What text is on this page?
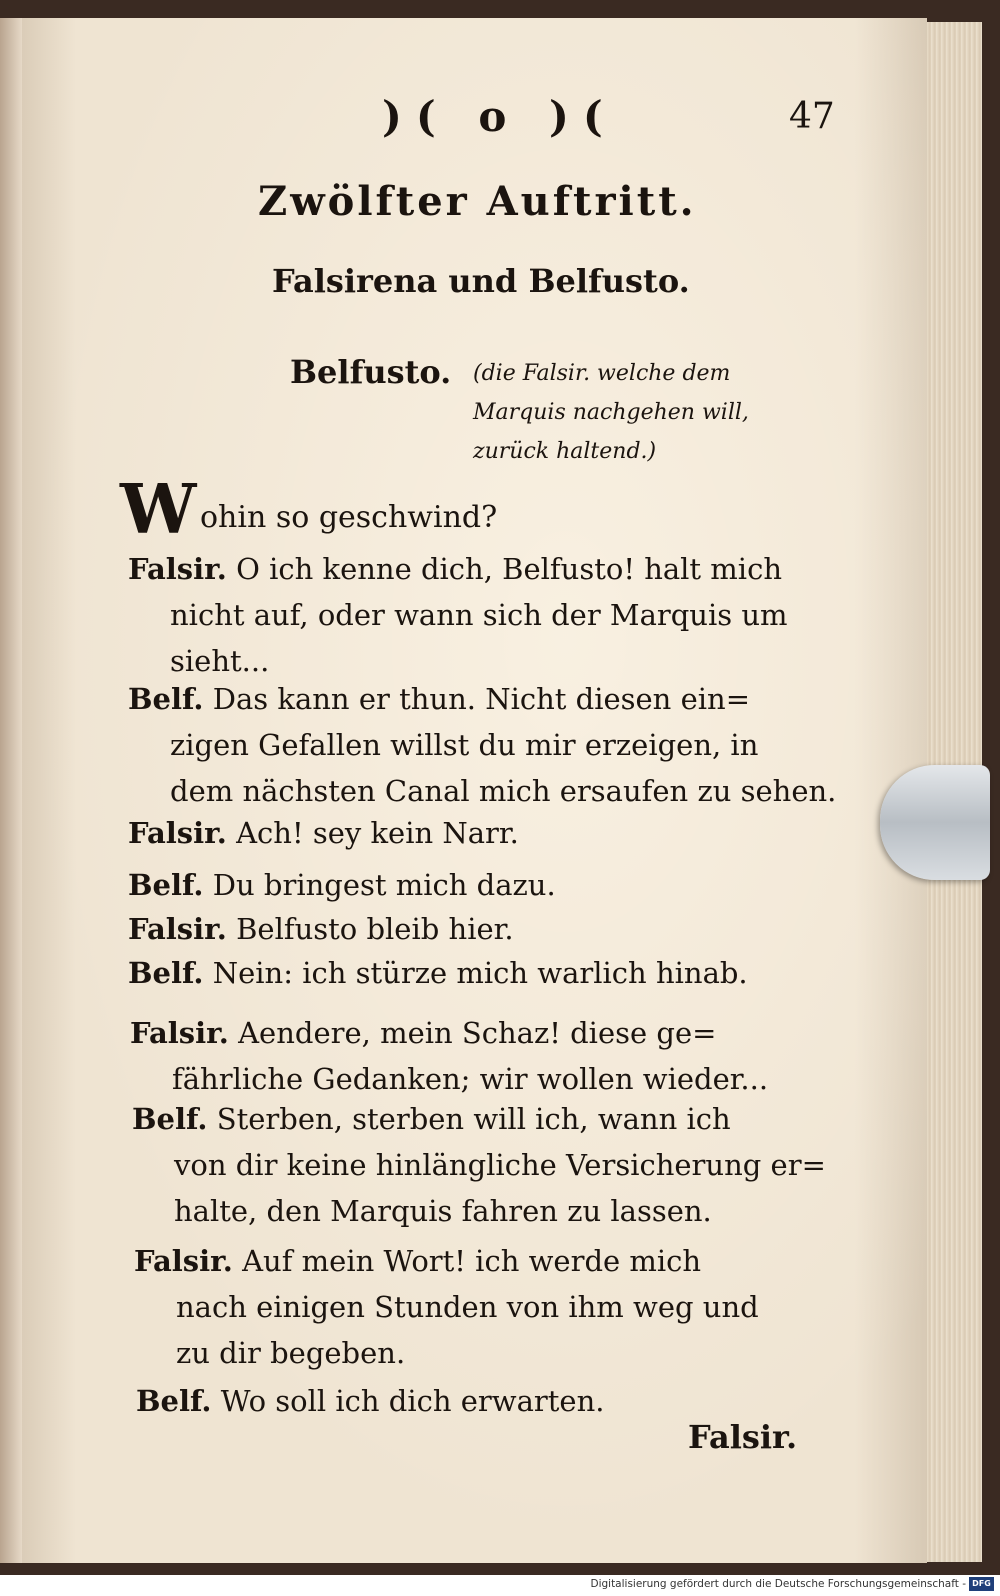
)( o )(	47
Zwölfter Auftritt.
Falsirena und Belfusto.
Belfusto. (die Falsir. welche dem
Marquis nachgehen will,
zurück haltend.)
W ohin so geschwind?
Falsir. O ich kenne dich, Belfusto! halt mich
nicht auf, oder wann sich der Marquis um
sieht...
Belf. Das kann er thun. Nicht diesen ein=
zigen Gefallen willst du mir erzeigen, in
dem nächsten Canal mich ersaufen zu sehen.
Falsir. Ach! sey kein Narr.
Belf. Du bringest mich dazu.
Falsir. Belfusto bleib hier.
Belf. Nein: ich stürze mich warlich hinab.
Falsir. Aendere, mein Schaz! diese ge=
fährliche Gedanken; wir wollen wieder...
Belf. Sterben, sterben will ich, wann ich
von dir keine hinlängliche Versicherung er=
halte, den Marquis fahren zu lassen.
Falsir. Auf mein Wort! ich werde mich
nach einigen Stunden von ihm weg und
zu dir begeben.
Belf. Wo soll ich dich erwarten.
Falsir.
Digitalisierung gefördert durch die Deutsche Forschungsgemeinschaft - DFG
